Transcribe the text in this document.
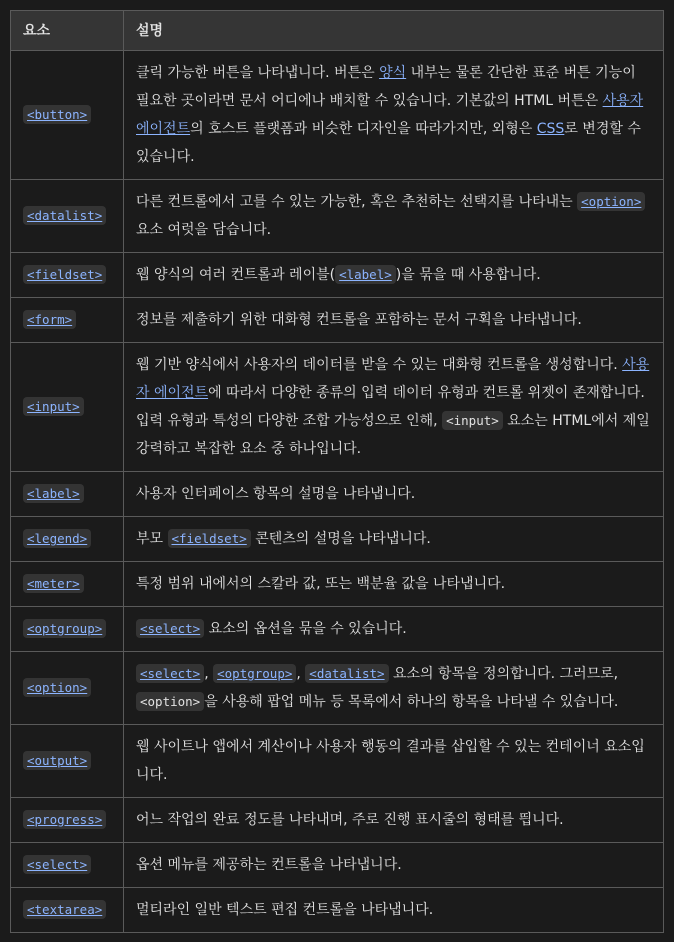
요소	설명
<button>	클릭 가능한 버튼을 나타냅니다. 버튼은 양식 내부는 물론 간단한 표준 버튼 기능이 필요한 곳이라면 문서 어디에나 배치할 수 있습니다. 기본값의 HTML 버튼은 사용자 에이전트의 호스트 플랫폼과 비슷한 디자인을 따라가지만, 외형은 CSS로 변경할 수 있습니다.
<datalist>	다른 컨트롤에서 고를 수 있는 가능한, 혹은 추천하는 선택지를 나타내는 <option> 요소 여럿을 담습니다.
<fieldset>	웹 양식의 여러 컨트롤과 레이블( <label> )을 묶을 때 사용합니다.
<form>	정보를 제출하기 위한 대화형 컨트롤을 포함하는 문서 구획을 나타냅니다.
<input>	웹 기반 양식에서 사용자의 데이터를 받을 수 있는 대화형 컨트롤을 생성합니다. 사용자 에이전트에 따라서 다양한 종류의 입력 데이터 유형과 컨트롤 위젯이 존재합니다. 입력 유형과 특성의 다양한 조합 가능성으로 인해, <input> 요소는 HTML에서 제일 강력하고 복잡한 요소 중 하나입니다.
<label>	사용자 인터페이스 항목의 설명을 나타냅니다.
<legend>	부모 <fieldset> 콘텐츠의 설명을 나타냅니다.
<meter>	특정 범위 내에서의 스칼라 값, 또는 백분율 값을 나타냅니다.
<optgroup>	<select> 요소의 옵션을 묶을 수 있습니다.
<option>	<select> , <optgroup> , <datalist> 요소의 항목을 정의합니다. 그러므로, <option> 을 사용해 팝업 메뉴 등 목록에서 하나의 항목을 나타낼 수 있습니다.
<output>	웹 사이트나 앱에서 계산이나 사용자 행동의 결과를 삽입할 수 있는 컨테이너 요소입니다.
<progress>	어느 작업의 완료 정도를 나타내며, 주로 진행 표시줄의 형태를 띕니다.
<select>	옵션 메뉴를 제공하는 컨트롤을 나타냅니다.
<textarea>	멀티라인 일반 텍스트 편집 컨트롤을 나타냅니다.
